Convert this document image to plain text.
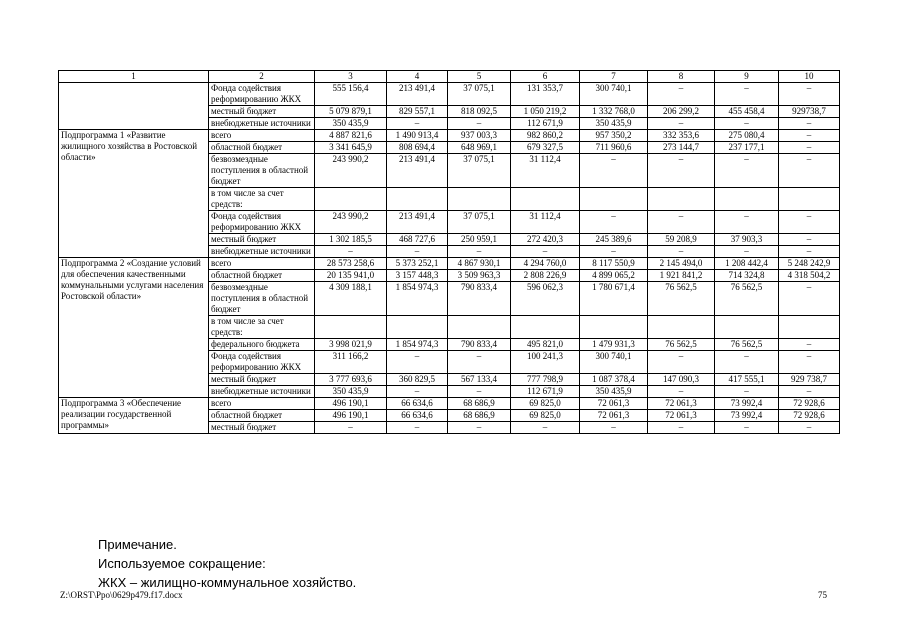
1	2	3	4	5	6	7	8	9	10
	Фонда содействия реформированию ЖКХ	555 156,4	213 491,4	37 075,1	131 353,7	300 740,1	–	–	–
	местный бюджет	5 079 879,1	829 557,1	818 092,5	1 050 219,2	1 332 768,0	206 299,2	455 458,4	929738,7
	внебюджетные источники	350 435,9	–	–	112 671,9	350 435,9	–	–	–
Подпрограмма 1 «Развитие жилищного хозяйства в Ростовской области»	всего	4 887 821,6	1 490 913,4	937 003,3	982 860,2	957 350,2	332 353,6	275 080,4	–
	областной бюджет	3 341 645,9	808 694,4	648 969,1	679 327,5	711 960,6	273 144,7	237 177,1	–
	безвозмездные поступления в областной бюджет	243 990,2	213 491,4	37 075,1	31 112,4	–	–	–	–
	в том числе за счет средств:								
	Фонда содействия реформированию ЖКХ	243 990,2	213 491,4	37 075,1	31 112,4	–	–	–	–
	местный бюджет	1 302 185,5	468 727,6	250 959,1	272 420,3	245 389,6	59 208,9	37 903,3	–
	внебюджетные источники	–	–	–	–	–	–	–	–
Подпрограмма 2 «Создание условий для обеспечения качественными коммунальными услугами населения Ростовской области»	всего	28 573 258,6	5 373 252,1	4 867 930,1	4 294 760,0	8 117 550,9	2 145 494,0	1 208 442,4	5 248 242,9
	областной бюджет	20 135 941,0	3 157 448,3	3 509 963,3	2 808 226,9	4 899 065,2	1 921 841,2	714 324,8	4 318 504,2
	безвозмездные поступления в областной бюджет	4 309 188,1	1 854 974,3	790 833,4	596 062,3	1 780 671,4	76 562,5	76 562,5	–
	в том числе за счет средств:								
	федерального бюджета	3 998 021,9	1 854 974,3	790 833,4	495 821,0	1 479 931,3	76 562,5	76 562,5	–
	Фонда содействия реформированию ЖКХ	311 166,2	–	–	100 241,3	300 740,1	–	–	–
	местный бюджет	3 777 693,6	360 829,5	567 133,4	777 798,9	1 087 378,4	147 090,3	417 555,1	929 738,7
	внебюджетные источники	350 435,9	–	–	112 671,9	350 435,9	–	–	–
Подпрограмма 3 «Обеспечение реализации государственной программы»	всего	496 190,1	66 634,6	68 686,9	69 825,0	72 061,3	72 061,3	73 992,4	72 928,6
	областной бюджет	496 190,1	66 634,6	68 686,9	69 825,0	72 061,3	72 061,3	73 992,4	72 928,6
	местный бюджет	–	–	–	–	–	–	–	–
Примечание.
Используемое сокращение:
ЖКХ – жилищно-коммунальное хозяйство.
Z:\ORST\Ppo\0629p479.f17.docx	75
